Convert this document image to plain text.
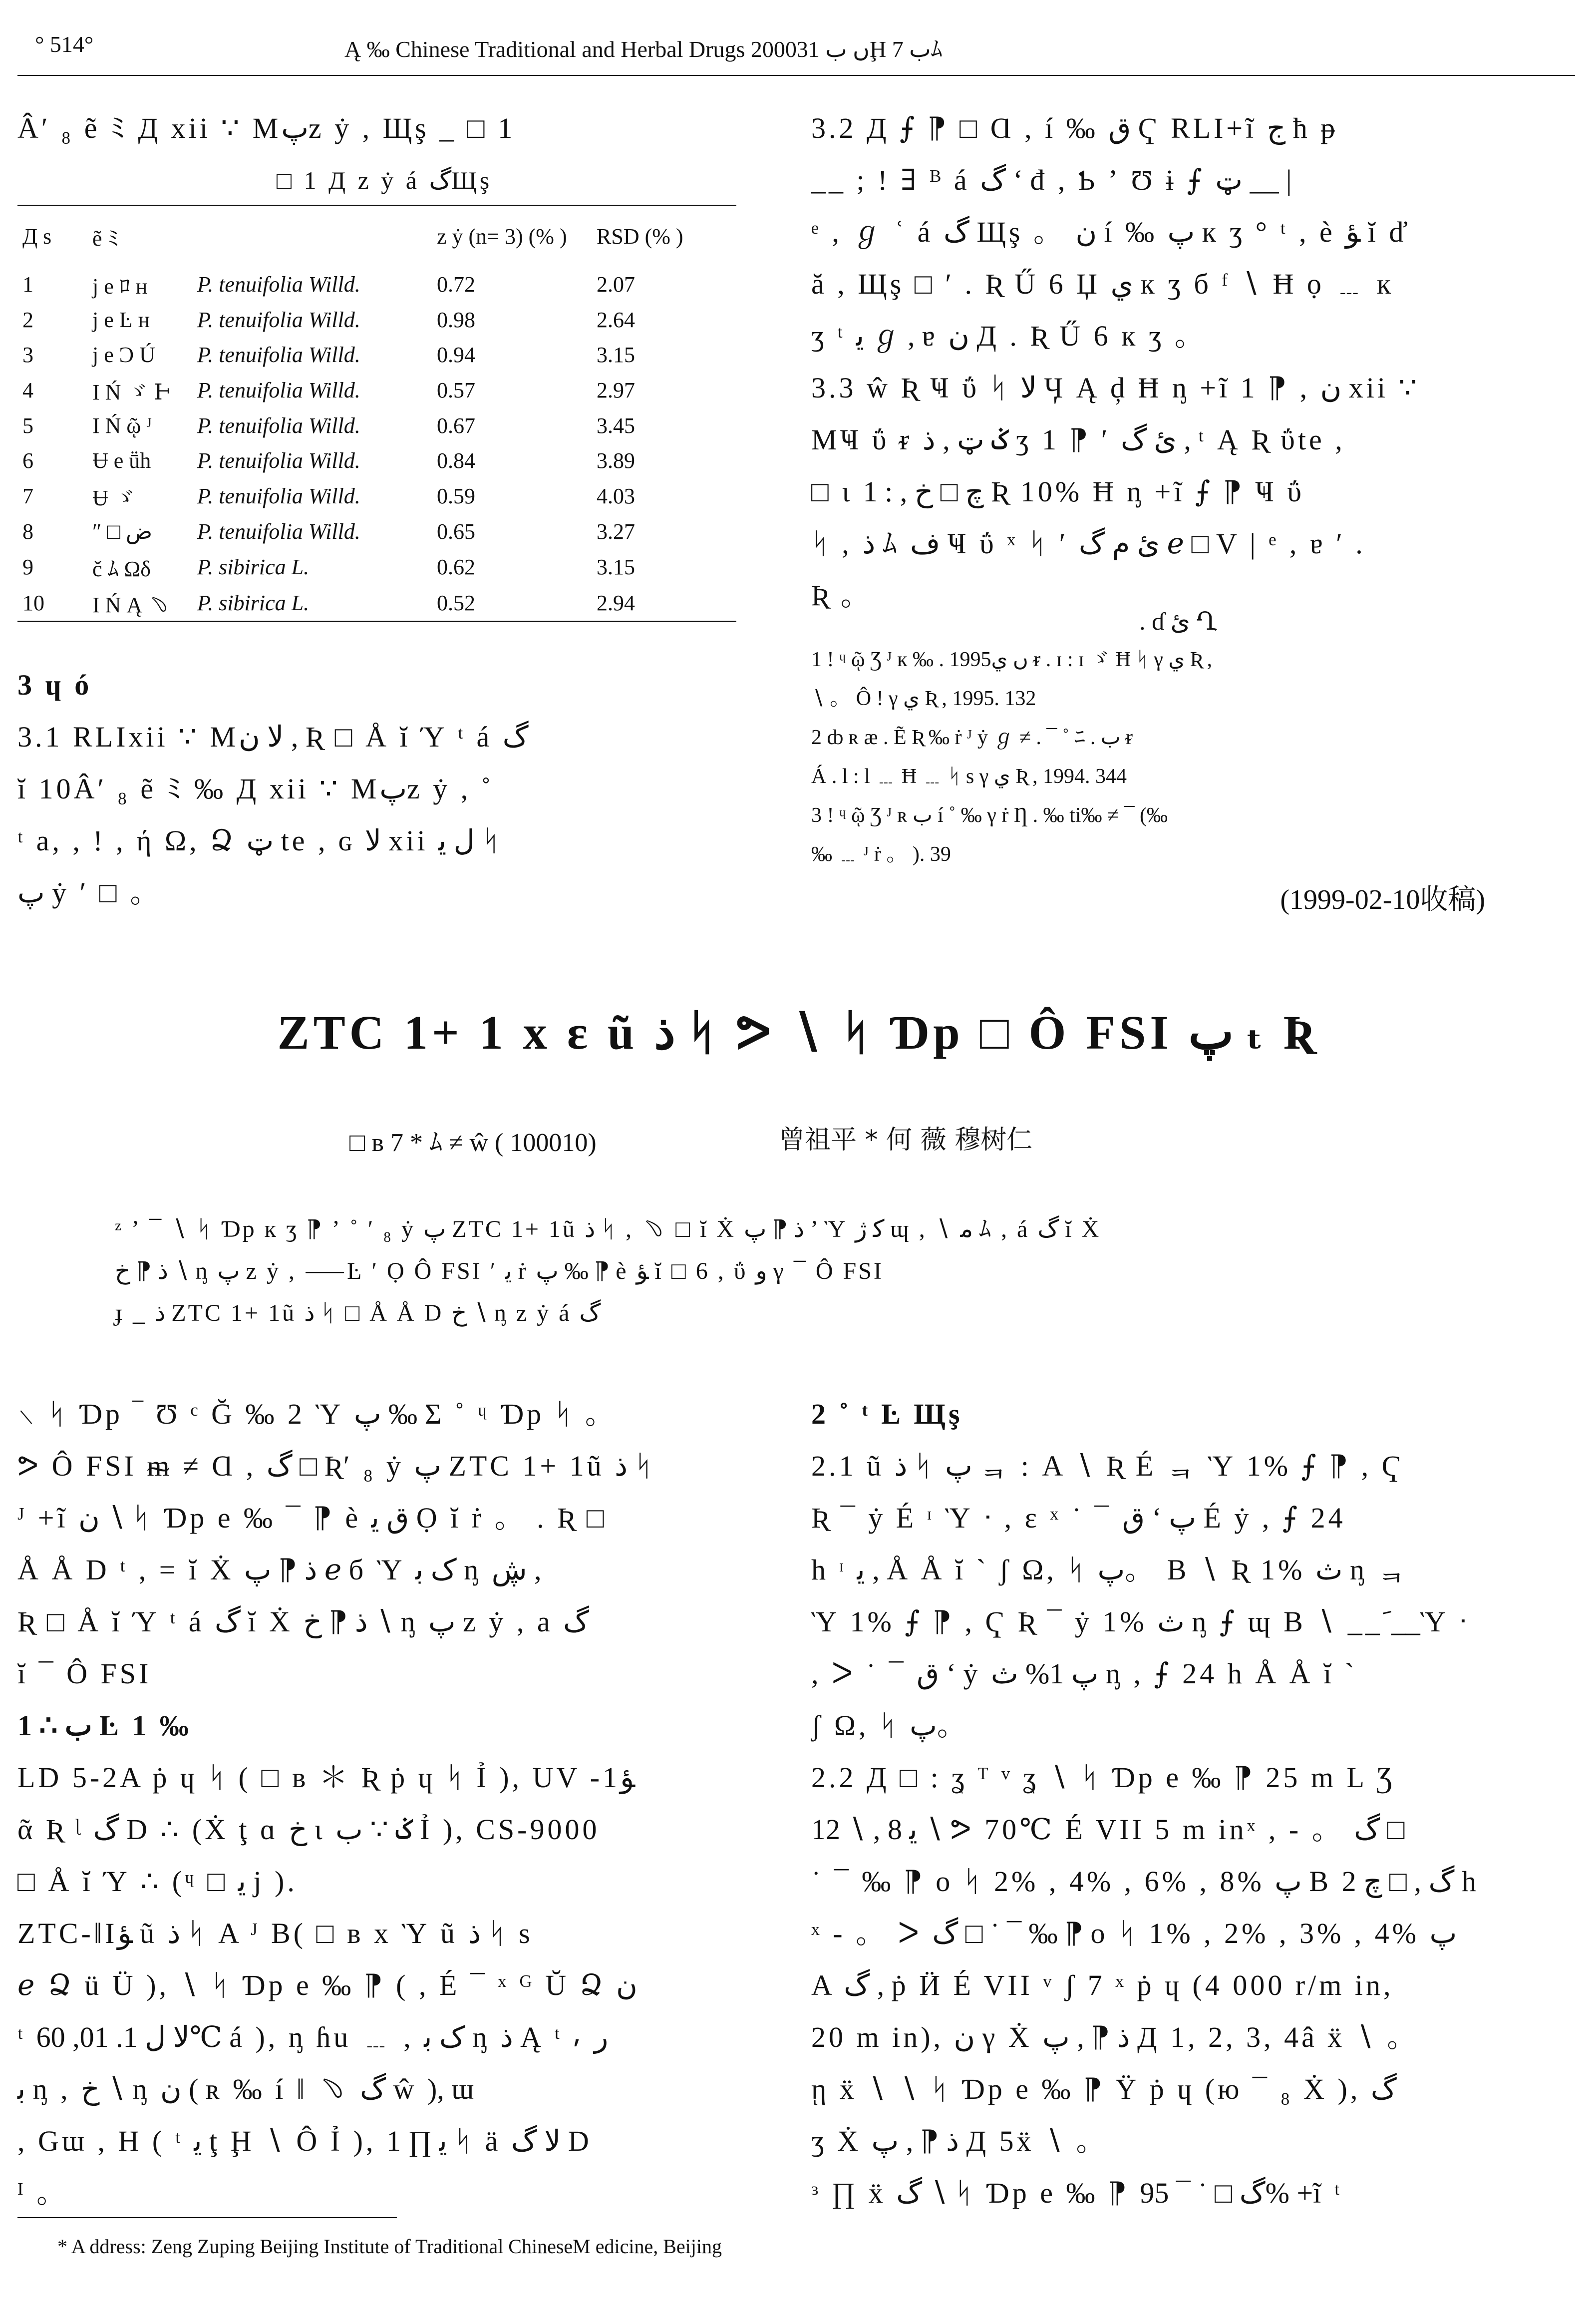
° 514°	Ą ‰ Chinese Traditional and Herbal Drugs 2000ں ب 31Ḩ ب 7ﾑ

Â′ ₈ ẽ ﾐ Д xii ∵ Mپz ẏ , Щş _ □ 1

□ 1 Д z ẏ á گЩş

Д s	ẽ ﾐ		z ẏ (n= 3) (% )	RSD (% )
1	j e ﾛ ʜ	P. tenuifolia Willd.	0.72	2.07
2	j e Ŀ ʜ	P. tenuifolia Willd.	0.98	2.64
3	j e Ͻ Ú	P. tenuifolia Willd.	0.94	3.15
4	Ι Ń ゞ Ͱ	P. tenuifolia Willd.	0.57	2.97
5	Ι Ń ῷ ᴶ	P. tenuifolia Willd.	0.67	3.45
6	Ʉ e ṻh	P. tenuifolia Willd.	0.84	3.89
7	Ʉ ゞ	P. tenuifolia Willd.	0.59	4.03
8	″ □ ض	P. tenuifolia Willd.	0.65	3.27
9	č ﾑ Ωδ	P. sibirica L.	0.62	3.15
10	Ι Ń Ą ﹆	P. sibirica L.	0.52	2.94

3 ɥ ó

3.1 RLIxii ∵ Mﻻ ن , Ʀ □ Å ĭ Ύ ᵗ á گ

ĭ 10Â′ ₈ ẽ ﾐ ‰ Д xii ∵ Mپz ẏ , ˚

ᵗ a, , ! , ή Ω, Ձ ټ te , ɢ ﻻ xii ﻝ ﻳ ᛋ

پ ẏ ′ □ 。

3.2 Д ⨍ ⁋ □ Ɑ , í ‰ ق Ҁ RLI+ĩ ج ħ ᵽ

__ ; ǃ ∃ ᴮ á گ ʻ đ , Ƅ ʼ Ʊ ɨ ⨍ ټ __ |

ᵉ , ℊ ʿ á گ Щş 。 ن í ‰ پ к ʒ ° ᵗ , ѐ ﺆ ĭ ď

ă , Щş □ ′ . Ʀ Ű 6 Џ ي к ʒ б ᶠ ∖ Ħ ọ ﹍ к

ʒ ᵗ ﻳ ℊ , ɐ ن Д . Ʀ Ű 6 к ʒ 。

3.3 ŵ Ʀ Ҹ ΰ ᛋ ﻻ Ӌ Ą ḑ Ħ ᶇ +ĩ 1 ⁋ , ن xii ∵

MҸ ΰ ᵲ ݢ ټ , ذ ʒ 1 ⁋ ′ ئ گ , ᵗ Ą Ʀ ΰte ,

□ ι چ □ خ , : 1 Ʀ 10% Ħ ᶇ +ĩ ⨍ ⁋ Ҹ ΰ

ᛋ , ذ ﾑ ف Ҹ ΰ ˣ ᛋ ′ ئ م گ ℯ □ V | ᵉ , ɐ ′ .

Ʀ 。

. ɗ ئ Ղ

1 ǃ ᶣ ῷ Ʒ ᴶ к ‰ . 1995ں ي ᵲ . ɪ : ɪ ゞ Ħ ᛋ γ ي Ʀ ,

∖ 。 Ô ǃ γ ي Ʀ , 1995. 132

2 ȸ ʀ æ . Ẽ Ʀ ‰ ṙ ᴶ ẏ ℊ ≠ . ¯ ˚ ﾆ . ب ᵲ

Á . l : l ﹍ Ħ ﹍ ᛋ s γ ي Ʀ , 1994. 344

3 ǃ ᶣ ῷ Ʒ ᴶ ʀ ب í ˚ ‰ γ ṙ Ƞ . ‰ ti‰ ≠ ¯ (‰

‰ ﹍ ᴶ ṙ 。 ). 39

(1999-02-10收稿)

ZTC 1+ 1 x ɛ ũ ذ ᛋ ᕗ ∖ ᛋ Ɗp □ Ô FSI پ ₜ Ʀ
□ ʙ 7 * ﾑ ≠ ŵ ( 100010)	曾祖平 * 何 薇 穆树仁

ᶻ ʼ ¯ ∖ ᛋ Ɗp к ʒ ⁋ ʼ ˚ ′ ₈ ẏ پ ZTC 1+ 1ũ ذ ᛋ , ﹆ □ ĭ Ẋ ذ ⁋ پ ʼ Ὺ ﻛ ژ ɰ , ∖ ﻣ ﾑ , á گ ĭ Ẋ

ذ ⁋ خ ∖ ᶇ پ z ẏ , ⸺Ŀ ′ Ọ Ô FSI ′ ﻳ ṙ پ ‰ ⁋ ѐ ﺆ ĭ □ 6 , ΰ ﻭ γ ¯ Ô FSI

ɟ _ ذ ZTC 1+ 1ũ ذ ᛋ □ Å Å D خ ∖ ᶇ z ẏ á گ

∖ ᛋ Ɗp ‾ Ʊ ᶜ Ğ ‰ 2 Ὺ پ ‰ Σ ˚ ᶣ Ɗp ᛋ 。

ᕗ Ô FSI ᵯ ≠ Ɑ , گ □ Ʀ′ ₈ ẏ پ ZTC 1+ 1ũ ذ ᛋ

ᴶ +ĩ ن ∖ ᛋ Ɗp e ‰ ¯ ⁋ ѐ ق ﻳ Ọ ĭ ṙ 。 . Ʀ □

Å Å D ᵗ , = ĭ Ẋ ذ ⁋ پ ℯ б Ὺ ﮎ ﺑ ᶇ ڜ ,

Ʀ □ Å ĭ Ύ ᵗ á گ ĭ Ẋ ذ ⁋ خ ∖ ᶇ پ z ẏ , a گ

ĭ ¯ Ô FSI

1 ∴ ب Ŀ 1 ‰

LD 5-2A ṗ ɥ ᛋ ( □ ʙ ＊ Ʀ ṗ ɥ ᛋ Ỉ ), UV -1ﺆ

ᾶ Ʀ ᶩ گ D ∴ (Ẋ ţ ɑ خ ι ݢ ∵ ب Ỉ ), CS-9000

□ Å ĭ Ύ ∴ (ᶣ □ ﻳ j ).

ZTC-ǁIﺆ ũ ذ ᛋ A ᴶ B( □ ʙ x Ὺ ũ ذ ᛋ s

ℯ Ձ ü Ü ), ∖ ᛋ Ɗp e ‰ ⁋ ( , É ¯ ˣ ᴳ Ŭ Ձ ن

ᵗ ﻻ ﻝ 1. 01, 60℃ á ), ᶇ ɦu ﹍ , ﮎ ﺑ ᶇ ذ Ą ᵗ ⸴ ر

ﺑ ᶇ , خ ∖ ᶇ ن ( ʀ ‰ í ǁ ﹆ گ ŵ ), ɯ

, Gɯ , H ( ᵗ ﻳ ţ Ḩ ∖ Ô Ỉ ), ﻳ ∏ 1 ᛋ ä ﻻ گ D

ᴵ 。

2 ˚ ᵗ Ŀ Щş

2.1 ũ ذ ᛋ پ ᆿ : A ∖ Ʀ É ᆿ Ὺ 1% ⨍ ⁋ , Ҁ

Ʀ ¯ ẏ É ᶦ Ὺ ᐧ , ɛ ˣ ˙ ¯ ق ʻ پ É ẏ , ⨍ 24

h ᶦ ﻳ , Å Å ĭ ` ʃ Ω, ᛋ پ。 B ∖ Ʀ 1% ث ᶇ ᆿ

Ὺ 1% ⨍ ⁋ , Ҁ Ʀ ¯ ẏ 1% ث ᶇ ⨍ ɰ B ∖ __ﹶ__Ὺ ᐧ

, ᐳ ˙ ¯ ق ʻ ẏ پ 1% ث ᶇ , ⨍ 24 h Å Å ĭ `

ʃ Ω, ᛋ پ。

2.2 Д □ : ʓ ᵀ ᵛ ʓ ∖ ᛋ Ɗp e ‰ ⁋ 25 m L Ʒ

12 ∖ , ﻳ 8 ∖ ᕗ 70℃ É VII 5 m inˣ , - 。 گ □

˙ ¯ ‰ ⁋ o ᛋ 2% , 4% , 6% , 8% پ B گ , □ چ 2 h

ˣ - 。 ᐳ گ □ ˙ ¯ ‰ ⁋ o ᛋ 1% , 2% , 3% , 4% پ

A گ , ṗ Ӥ É VII ᵛ ʃ 7 ˣ ṗ ɥ (4 000 r/m in,

20 m in), ن γ Ẋ ذ ⁋ , پ Д 1, 2, 3, 4â ẍ ∖ 。

ῃ ẍ ∖ ∖ ᛋ Ɗp e ‰ ⁋ Ÿ ṗ ɥ (ю ¯ ₈ Ẋ ), گ

ʒ Ẋ ذ ⁋ , پ Д 5ẍ ∖ 。

ᶟ ∏ ẍ گ ∖ ᛋ Ɗp e ‰ ⁋ گ □ ˙ ¯ 95% +ĩ ᵗ

* A ddress: Zeng Zuping Beijing Institute of Traditional ChineseM edicine, Beijing
